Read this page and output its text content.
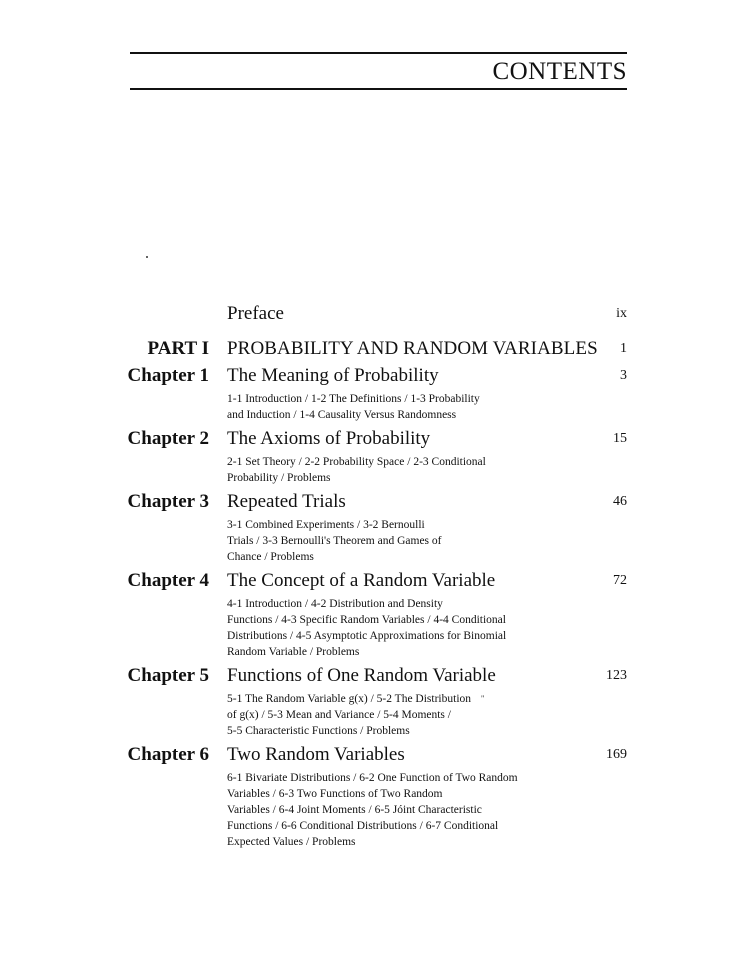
CONTENTS
Preface	ix
PART I PROBABILITY AND RANDOM VARIABLES 1
Chapter 1 The Meaning of Probability	3
1-1 Introduction / 1-2 The Definitions / 1-3 Probability
and Induction / 1-4 Causality Versus Randomness
Chapter 2 The Axioms of Probability	15
2-1 Set Theory / 2-2 Probability Space / 2-3 Conditional
Probability / Problems
Chapter 3 Repeated Trials	46
3-1 Combined Experiments / 3-2 Bernoulli
Trials / 3-3 Bernoulli's Theorem and Games of
Chance / Problems
Chapter 4 The Concept of a Random Variable	72
4-1 Introduction / 4-2 Distribution and Density
Functions / 4-3 Specific Random Variables / 4-4 Conditional
Distributions / 4-5 Asymptotic Approximations for Binomial
Random Variable / Problems
Chapter 5 Functions of One Random Variable	123
5-1 The Random Variable g(x) / 5-2 The Distribution "
of g(x) / 5-3 Mean and Variance / 5-4 Moments /
5-5 Characteristic Functions / Problems
Chapter 6 Two Random Variables	169
6-1 Bivariate Distributions / 6-2 One Function of Two Random
Variables / 6-3 Two Functions of Two Random
Variables / 6-4 Joint Moments / 6-5 Jóint Characteristic
Functions / 6-6 Conditional Distributions / 6-7 Conditional
Expected Values / Problems
